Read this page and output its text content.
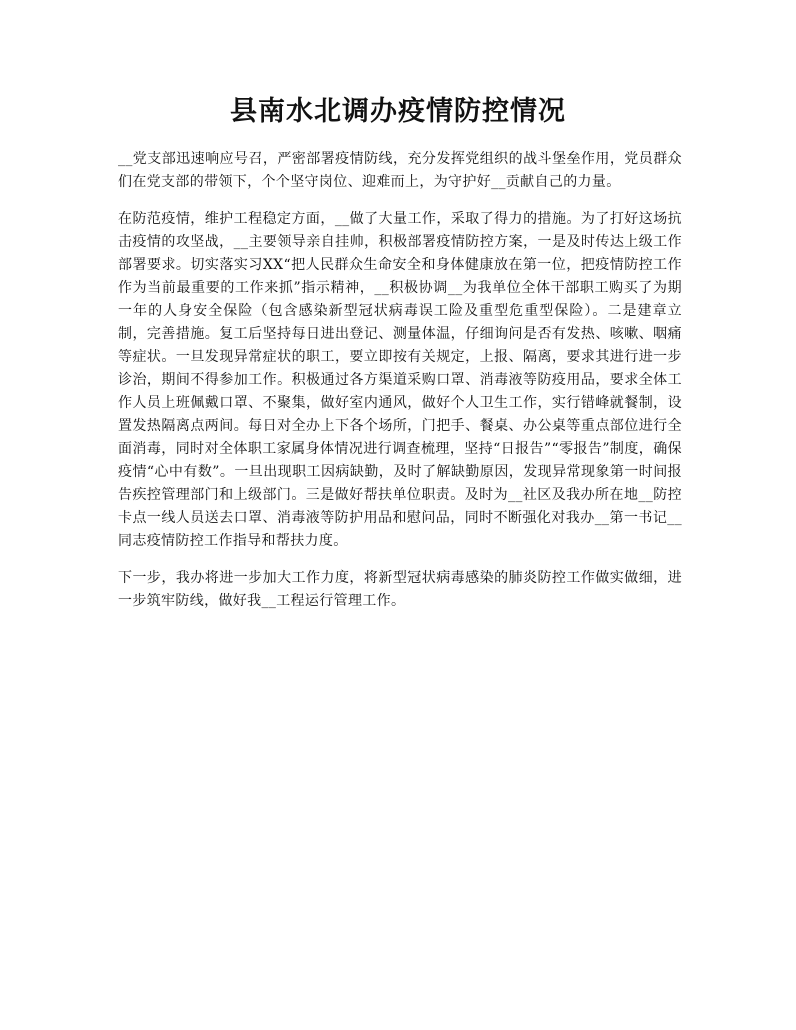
县南水北调办疫情防控情况

__党支部迅速响应号召，严密部署疫情防线，充分发挥党组织的战斗堡垒作用，党员群众们在党支部的带领下，个个坚守岗位、迎难而上，为守护好__贡献自己的力量。

在防范疫情，维护工程稳定方面，__做了大量工作，采取了得力的措施。为了打好这场抗击疫情的攻坚战，__主要领导亲自挂帅，积极部署疫情防控方案，一是及时传达上级工作部署要求。切实落实习XX“把人民群众生命安全和身体健康放在第一位，把疫情防控工作作为当前最重要的工作来抓”指示精神，__积极协调__为我单位全体干部职工购买了为期一年的人身安全保险（包含感染新型冠状病毒误工险及重型危重型保险）。二是建章立制，完善措施。复工后坚持每日进出登记、测量体温，仔细询问是否有发热、咳嗽、咽痛等症状。一旦发现异常症状的职工，要立即按有关规定，上报、隔离，要求其进行进一步诊治，期间不得参加工作。积极通过各方渠道采购口罩、消毒液等防疫用品，要求全体工作人员上班佩戴口罩、不聚集，做好室内通风，做好个人卫生工作，实行错峰就餐制，设置发热隔离点两间。每日对全办上下各个场所，门把手、餐桌、办公桌等重点部位进行全面消毒，同时对全体职工家属身体情况进行调查梳理，坚持“日报告”“零报告”制度，确保疫情“心中有数”。一旦出现职工因病缺勤，及时了解缺勤原因，发现异常现象第一时间报告疾控管理部门和上级部门。三是做好帮扶单位职责。及时为__社区及我办所在地__防控卡点一线人员送去口罩、消毒液等防护用品和慰问品，同时不断强化对我办__第一书记__同志疫情防控工作指导和帮扶力度。

下一步，我办将进一步加大工作力度，将新型冠状病毒感染的肺炎防控工作做实做细，进一步筑牢防线，做好我__工程运行管理工作。
